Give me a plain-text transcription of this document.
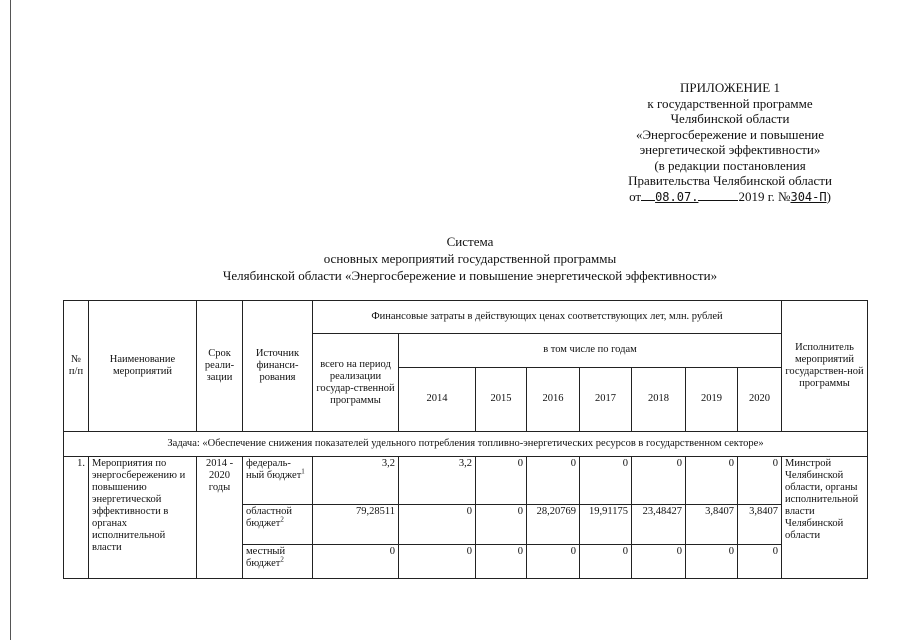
ПРИЛОЖЕНИЕ 1
к государственной программе
Челябинской области
«Энергосбережение и повышение
энергетической эффективности»
(в редакции постановления
Правительства Челябинской области
от 08.07.	2019 г. №304-П)
Система
основных мероприятий государственной программы
Челябинской области «Энергосбережение и повышение энергетической эффективности»
№ п/п	Наименование мероприятий	Срок реали-зации	Источник финанси-рования	Финансовые затраты в действующих ценах соответствующих лет, млн. рублей								Исполнитель мероприятий государствен-ной программы
				всего на период реализации государ-ственной программы	в том числе по годам							
					2014	2015	2016	2017	2018	2019	2020	
Задача: «Обеспечение снижения показателей удельного потребления топливно-энергетических ресурсов в государственном секторе»												
1.	Мероприятия по энергосбережению и повышению энергетической эффективности в органах исполнительной власти	2014 - 2020 годы	федераль-ный бюджет$^1$	3,2	3,2	0	0	0	0	0	0	Минстрой Челябинской области, органы исполнительной власти Челябинской области
			областной бюджет$^2$	79,28511	0	0	28,20769	19,91175	23,48427	3,8407	3,8407	
			местный бюджет$^2$	0	0	0	0	0	0	0	0	
